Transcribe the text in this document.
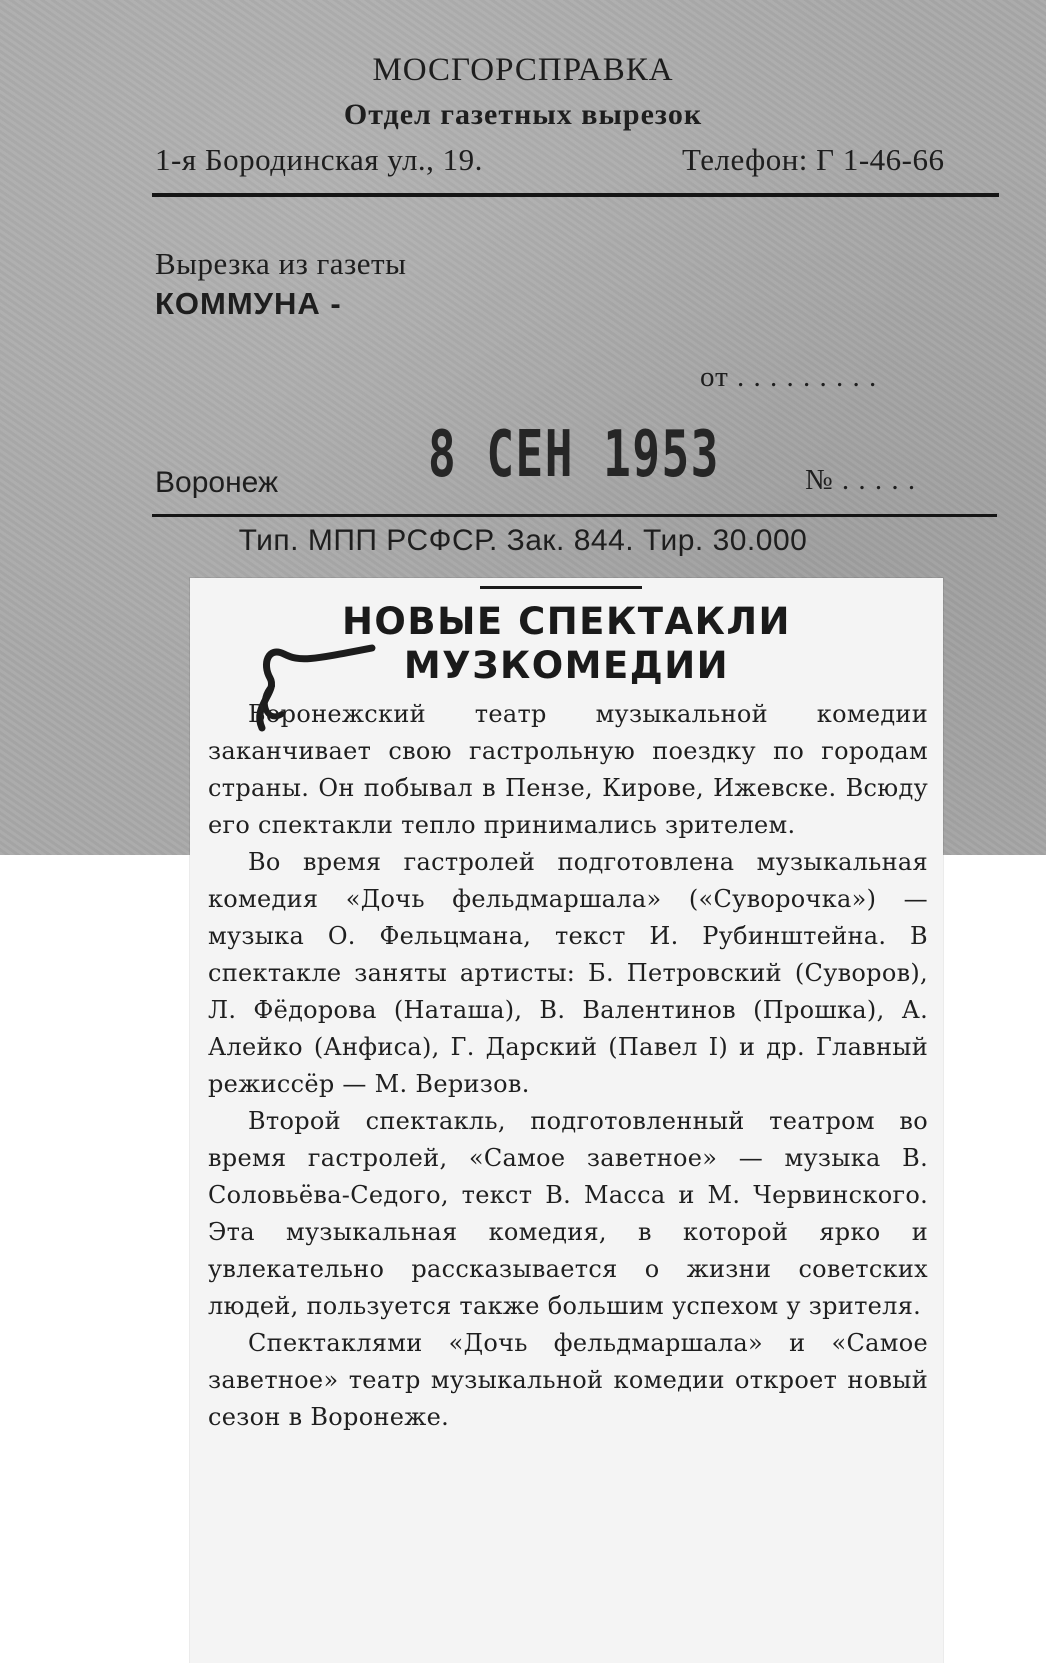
МОСГОРСПРАВКА
Отдел газетных вырезок
1-я Бородинская ул., 19.	Телефон: Г 1-46-66
Вырезка из газеты
КОММУНА -
от . . . . . . . . .
Воронеж 8 СЕН 1953	№ . . . . .
Тип. МПП РСФСР. Зак. 844. Тир. 30.000
НОВЫЕ СПЕКТАКЛИ
МУЗКОМЕДИИ

Воронежский театр музыкальной комедии заканчивает свою гастрольную поездку по городам страны. Он побывал в Пензе, Кирове, Ижевске. Всюду его спектакли тепло принимались зрителем.

Во время гастролей подготовлена музыкальная комедия «Дочь фельдмаршала» («Суворочка») — музыка О. Фельцмана, текст И. Рубинштейна. В спектакле заняты артисты: Б. Петровский (Суворов), Л. Фёдорова (Наташа), В. Валентинов (Прошка), А. Алейко (Анфиса), Г. Дарский (Павел I) и др. Главный режиссёр — М. Веризов.

Второй спектакль, подготовленный театром во время гастролей, «Самое заветное» — музыка В. Соловьёва-Седого, текст В. Масса и М. Червинского. Эта музыкальная комедия, в которой ярко и увлекательно рассказывается о жизни советских людей, пользуется также большим успехом у зрителя.

Спектаклями «Дочь фельдмаршала» и «Самое заветное» театр музыкальной комедии откроет новый сезон в Воронеже.
